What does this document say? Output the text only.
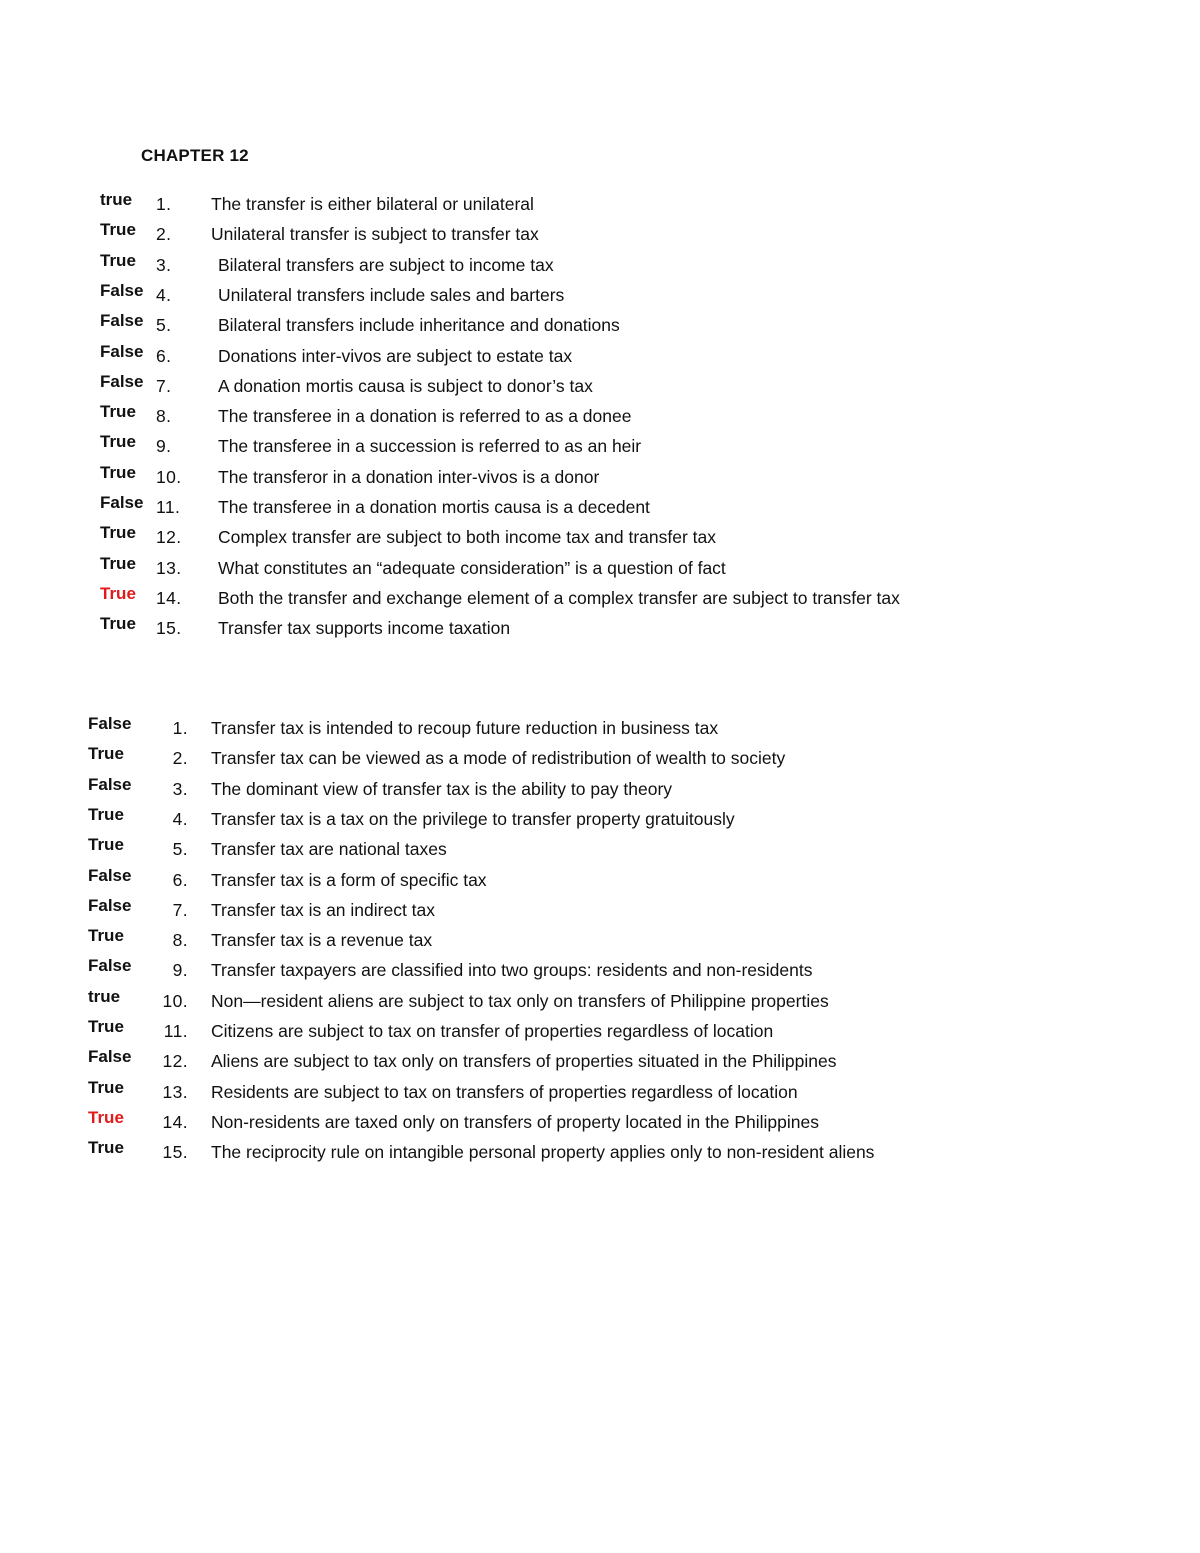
CHAPTER 12
true 1. The transfer is either bilateral or unilateral
True 2. Unilateral transfer is subject to transfer tax
True 3.	Bilateral transfers are subject to income tax
False 4.	Unilateral transfers include sales and barters
False 5.	Bilateral transfers include inheritance and donations
False 6.	Donations inter-vivos are subject to estate tax
False 7.	A donation mortis causa is subject to donor’s tax
True 8.	The transferee in a donation is referred to as a donee
True 9.	The transferee in a succession is referred to as an heir
True 10. The transferor in a donation inter-vivos is a donor
False 11. The transferee in a donation mortis causa is a decedent
True 12. Complex transfer are subject to both income tax and transfer tax
True 13. What constitutes an “adequate consideration” is a question of fact
True 14. Both the transfer and exchange element of a complex transfer are subject to transfer tax
True 15. Transfer tax supports income taxation
False 1. Transfer tax is intended to recoup future reduction in business tax
True	2. Transfer tax can be viewed as a mode of redistribution of wealth to society
False 3. The dominant view of transfer tax is the ability to pay theory
True	4. Transfer tax is a tax on the privilege to transfer property gratuitously
True	5. Transfer tax are national taxes
False 6. Transfer tax is a form of specific tax
False 7. Transfer tax is an indirect tax
True	8. Transfer tax is a revenue tax
False 9. Transfer taxpayers are classified into two groups: residents and non-residents
true 10. Non—resident aliens are subject to tax only on transfers of Philippine properties
True 11. Citizens are subject to tax on transfer of properties regardless of location
False 12. Aliens are subject to tax only on transfers of properties situated in the Philippines
True 13. Residents are subject to tax on transfers of properties regardless of location
True 14. Non-residents are taxed only on transfers of property located in the Philippines
True 15. The reciprocity rule on intangible personal property applies only to non-resident aliens
